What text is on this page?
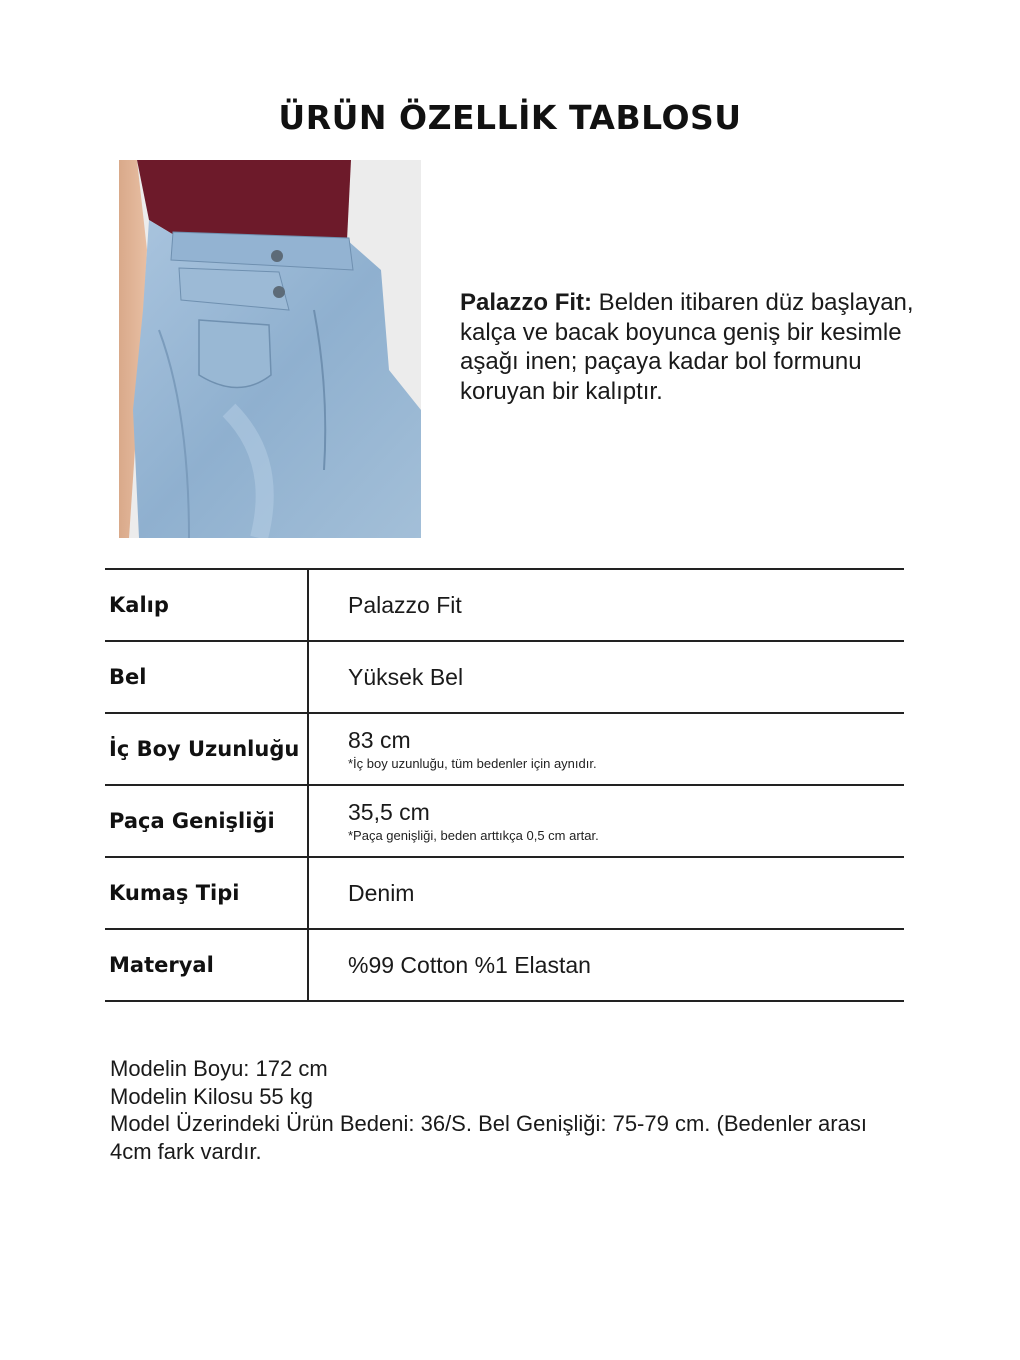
ÜRÜN ÖZELLİK TABLOSU
Palazzo Fit: Belden itibaren düz başlayan, kalça ve bacak boyunca geniş bir kesimle aşağı inen; paçaya kadar bol formunu koruyan bir kalıptır.
Kalıp	Palazzo Fit
Bel	Yüksek Bel
İç Boy Uzunluğu 83 cm
*İç boy uzunluğu, tüm bedenler için aynıdır.
Paça Genişliği	35,5 cm
*Paça genişliği, beden arttıkça 0,5 cm artar.
Kumaş Tipi	Denim
Materyal	%99 Cotton %1 Elastan
Modelin Boyu: 172 cm
Modelin Kilosu 55 kg
Model Üzerindeki Ürün Bedeni: 36/S. Bel Genişliği: 75-79 cm. (Bedenler arası 4cm fark vardır.
